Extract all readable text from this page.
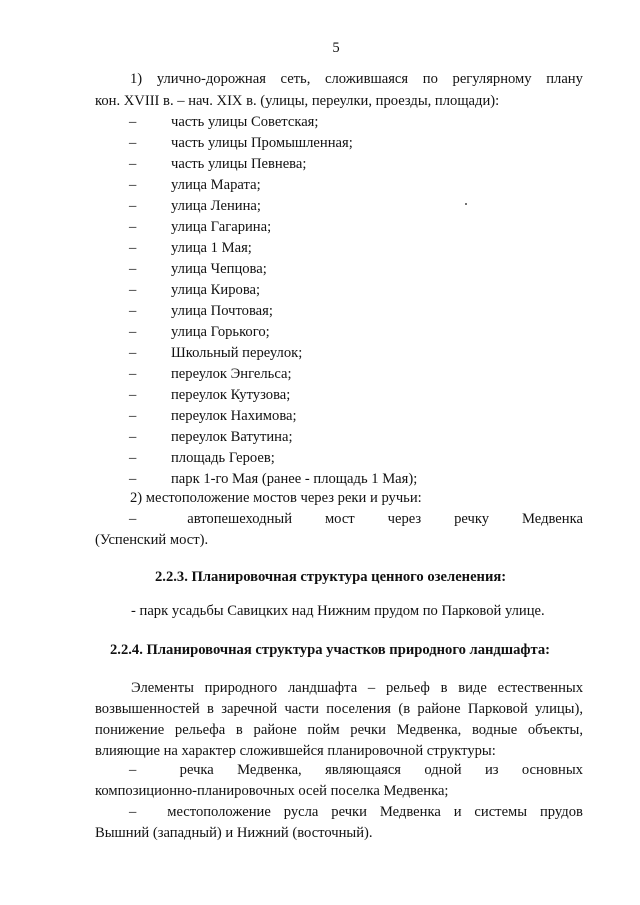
5
1) улично-дорожная сеть, сложившаяся по регулярному плану
кон. XVIII в. – нач. XIX в. (улицы, переулки, проезды, площади):
– часть улицы Советская;
– часть улицы Промышленная;
– часть улицы Певнева;
– улица Марата;
– улица Ленина;
– улица Гагарина;
– улица 1 Мая;
– улица Чепцова;
– улица Кирова;
– улица Почтовая;
– улица Горького;
– Школьный переулок;
– переулок Энгельса;
– переулок Кутузова;
– переулок Нахимова;
– переулок Ватутина;
– площадь Героев;
– парк 1-го Мая (ранее - площадь 1 Мая);
2) местоположение мостов через реки и ручьи:
–	автопешеходный мост через речку Медвенка
(Успенский мост).
2.2.3. Планировочная структура ценного озеленения:
- парк усадьбы Савицких над Нижним прудом по Парковой улице.
2.2.4. Планировочная структура участков природного ландшафта:
Элементы природного ландшафта – рельеф в виде естественных возвышенностей в заречной части поселения (в районе Парковой улицы), понижение рельефа в районе пойм речки Медвенка, водные объекты, влияющие на характер сложившейся планировочной структуры:
–	речка Медвенка, являющаяся одной из основных
композиционно-планировочных осей поселка Медвенка;
– местоположение русла речки Медвенка и системы прудов
Вышний (западный) и Нижний (восточный).
